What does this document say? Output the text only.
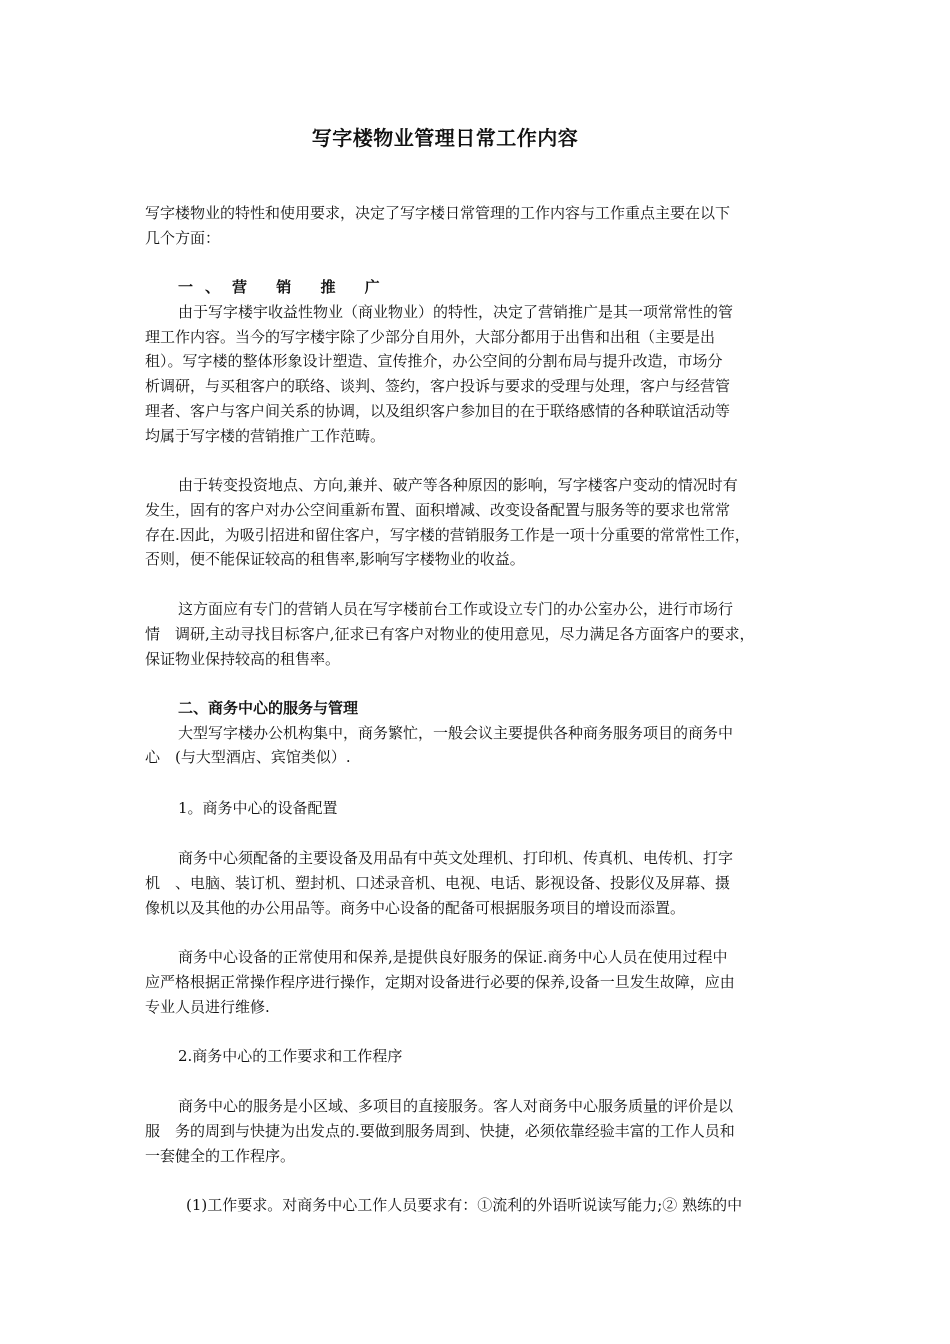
写字楼物业管理日常工作内容
写字楼物业的特性和使用要求，决定了写字楼日常管理的工作内容与工作重点主要在以下
几个方面：
一、营 销 推 广
由于写字楼宇收益性物业（商业物业）的特性，决定了营销推广是其一项常常性的管
理工作内容。当今的写字楼宇除了少部分自用外，大部分都用于出售和出租（主要是出
租）。写字楼的整体形象设计塑造、宣传推介，办公空间的分割布局与提升改造，市场分
析调研，与买租客户的联络、谈判、签约，客户投诉与要求的受理与处理，客户与经营管
理者、客户与客户间关系的协调，以及组织客户参加目的在于联络感情的各种联谊活动等
均属于写字楼的营销推广工作范畴。
由于转变投资地点、方向,兼并、破产等各种原因的影响，写字楼客户变动的情况时有
发生，固有的客户对办公空间重新布置、面积增减、改变设备配置与服务等的要求也常常
存在.因此，为吸引招进和留住客户，写字楼的营销服务工作是一项十分重要的常常性工作，
否则，便不能保证较高的租售率,影响写字楼物业的收益。
这方面应有专门的营销人员在写字楼前台工作或设立专门的办公室办公，进行市场行
情　调研,主动寻找目标客户,征求已有客户对物业的使用意见，尽力满足各方面客户的要求，
保证物业保持较高的租售率。
二、商务中心的服务与管理
大型写字楼办公机构集中，商务繁忙，一般会议主要提供各种商务服务项目的商务中
心　(与大型酒店、宾馆类似）.
1。商务中心的设备配置
商务中心须配备的主要设备及用品有中英文处理机、打印机、传真机、电传机、打字
机　、电脑、装订机、塑封机、口述录音机、电视、电话、影视设备、投影仪及屏幕、摄
像机以及其他的办公用品等。商务中心设备的配备可根据服务项目的增设而添置。
商务中心设备的正常使用和保养,是提供良好服务的保证.商务中心人员在使用过程中
应严格根据正常操作程序进行操作，定期对设备进行必要的保养,设备一旦发生故障，应由
专业人员进行维修.
2.商务中心的工作要求和工作程序
商务中心的服务是小区域、多项目的直接服务。客人对商务中心服务质量的评价是以
服　务的周到与快捷为出发点的.要做到服务周到、快捷，必须依靠经验丰富的工作人员和
一套健全的工作程序。
(1)工作要求。对商务中心工作人员要求有：①流利的外语听说读写能力;② 熟练的中
